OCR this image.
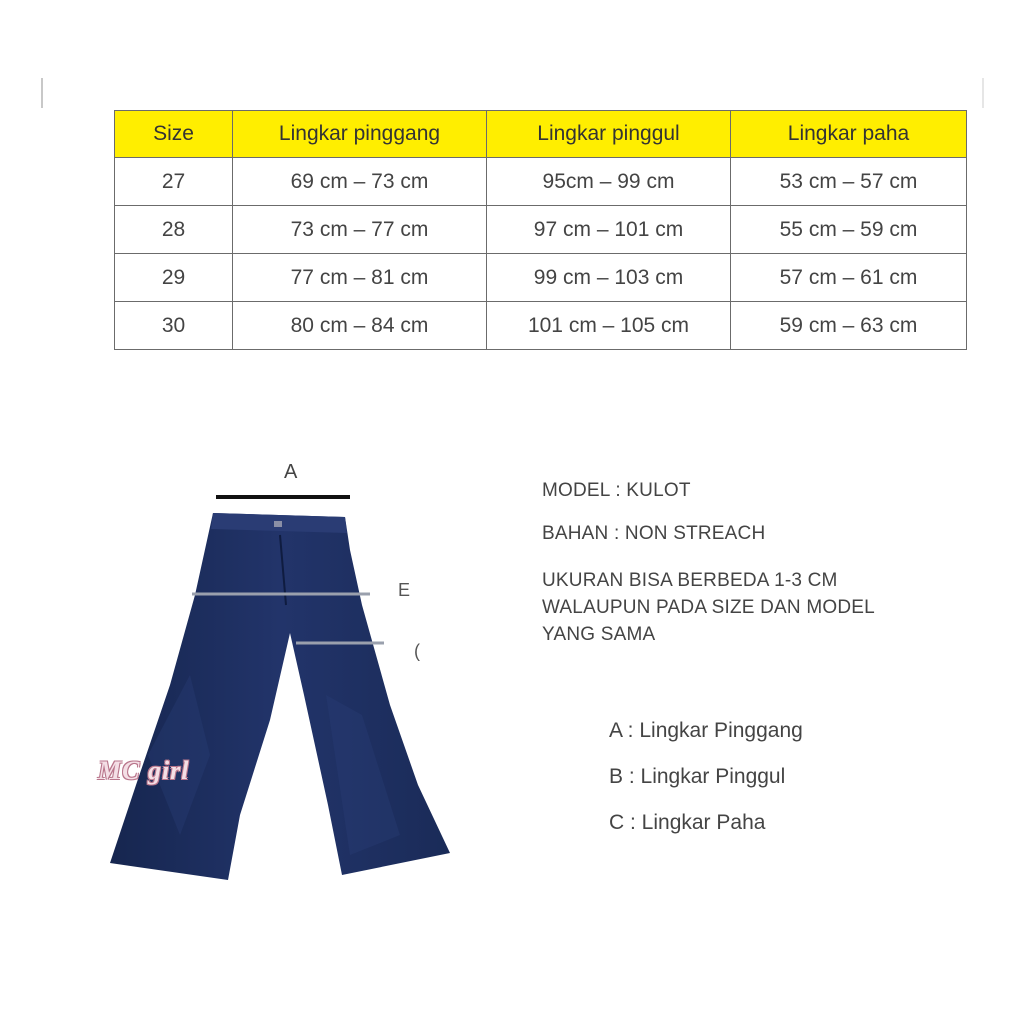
Size	Lingkar pinggang	Lingkar pinggul	Lingkar paha
27	69 cm – 73 cm	95cm – 99 cm	53 cm – 57 cm
28	73 cm – 77 cm	97 cm – 101 cm	55 cm – 59 cm
29	77 cm – 81 cm	99 cm – 103 cm	57 cm – 61 cm
30	80 cm – 84 cm	101 cm – 105 cm	59 cm – 63 cm
A
E
(
MC girl
MODEL : KULOT
BAHAN : NON STREACH
UKURAN BISA BERBEDA 1-3 CM
WALAUPUN PADA SIZE DAN MODEL
YANG SAMA
A : Lingkar Pinggang
B : Lingkar Pinggul
C : Lingkar Paha
